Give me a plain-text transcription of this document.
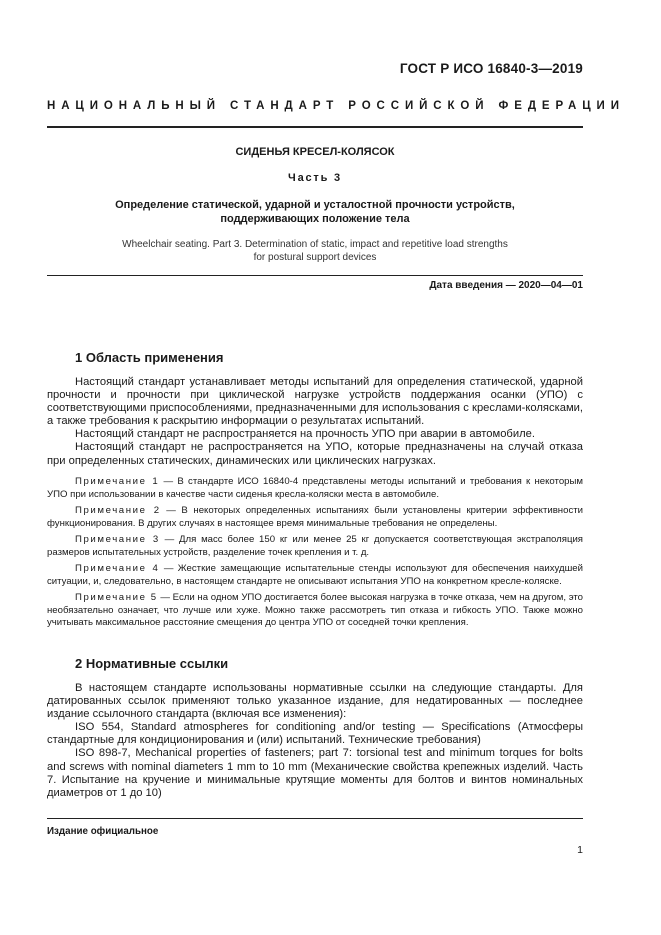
ГОСТ Р ИСО 16840-3—2019
НАЦИОНАЛЬНЫЙ СТАНДАРТ РОССИЙСКОЙ ФЕДЕРАЦИИ
СИДЕНЬЯ КРЕСЕЛ-КОЛЯСОК
Часть 3
Определение статической, ударной и усталостной прочности устройств,
поддерживающих положение тела
Wheelchair seating. Part 3. Determination of static, impact and repetitive load strengths
for postural support devices
Дата введения — 2020—04—01
1 Область применения

Настоящий стандарт устанавливает методы испытаний для определения статической, ударной прочности и прочности при циклической нагрузке устройств поддержания осанки (УПО) с соответствующими приспособлениями, предназначенными для использования с креслами-колясками, а также требования к раскрытию информации о результатах испытаний.

Настоящий стандарт не распространяется на прочность УПО при аварии в автомобиле.

Настоящий стандарт не распространяется на УПО, которые предназначены на случай отказа при определенных статических, динамических или циклических нагрузках.

Примечание 1 — В стандарте ИСО 16840-4 представлены методы испытаний и требования к некоторым УПО при использовании в качестве части сиденья кресла-коляски места в автомобиле.

Примечание 2 — В некоторых определенных испытаниях были установлены критерии эффективности функционирования. В других случаях в настоящее время минимальные требования не определены.

Примечание 3 — Для масс более 150 кг или менее 25 кг допускается соответствующая экстраполяция размеров испытательных устройств, разделение точек крепления и т. д.

Примечание 4 — Жесткие замещающие испытательные стенды используют для обеспечения наихудшей ситуации, и, следовательно, в настоящем стандарте не описывают испытания УПО на конкретном кресле-коляске.

Примечание 5 — Если на одном УПО достигается более высокая нагрузка в точке отказа, чем на другом, это необязательно означает, что лучше или хуже. Можно также рассмотреть тип отказа и гибкость УПО. Также можно учитывать максимальное расстояние смещения до центра УПО от соседней точки крепления.

2 Нормативные ссылки

В настоящем стандарте использованы нормативные ссылки на следующие стандарты. Для датированных ссылок применяют только указанное издание, для недатированных — последнее издание ссылочного стандарта (включая все изменения):

ISO 554, Standard atmospheres for conditioning and/or testing — Specifications (Атмосферы стандартные для кондиционирования и (или) испытаний. Технические требования)

ISO 898-7, Mechanical properties of fasteners; part 7: torsional test and minimum torques for bolts and screws with nominal diameters 1 mm to 10 mm (Механические свойства крепежных изделий. Часть 7. Испытание на кручение и минимальные крутящие моменты для болтов и винтов номинальных диаметров от 1 до 10)

Издание официальное
1
